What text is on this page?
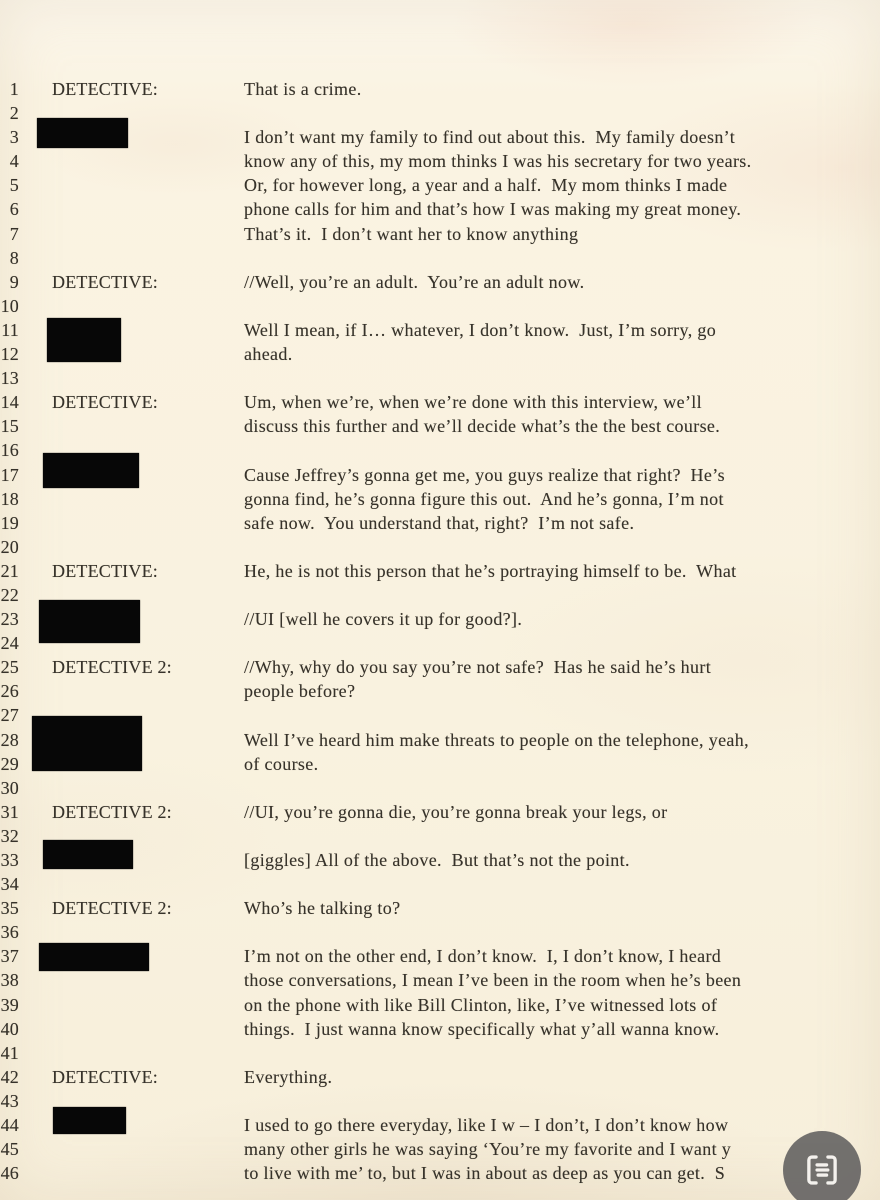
1 DETECTIVE:	That is a crime.
2
3	I don’t want my family to find out about this.  My family doesn’t
4	know any of this, my mom thinks I was his secretary for two years.
5	Or, for however long, a year and a half.  My mom thinks I made
6	phone calls for him and that’s how I was making my great money.
7	That’s it.  I don’t want her to know anything
8
9 DETECTIVE:	//Well, you’re an adult.  You’re an adult now.
10
11	Well I mean, if I… whatever, I don’t know.  Just, I’m sorry, go
12	ahead.
13
14 DETECTIVE:	Um, when we’re, when we’re done with this interview, we’ll
15	discuss this further and we’ll decide what’s the the best course.
16
17	Cause Jeffrey’s gonna get me, you guys realize that right?  He’s
18	gonna find, he’s gonna figure this out.  And he’s gonna, I’m not
19	safe now.  You understand that, right?  I’m not safe.
20
21 DETECTIVE:	He, he is not this person that he’s portraying himself to be.  What
22
23	//UI [well he covers it up for good?].
24
25 DETECTIVE 2:	//Why, why do you say you’re not safe?  Has he said he’s hurt
26	people before?
27
28	Well I’ve heard him make threats to people on the telephone, yeah,
29	of course.
30
31 DETECTIVE 2:	//UI, you’re gonna die, you’re gonna break your legs, or
32
33	[giggles] All of the above.  But that’s not the point.
34
35 DETECTIVE 2:	Who’s he talking to?
36
37	I’m not on the other end, I don’t know.  I, I don’t know, I heard
38	those conversations, I mean I’ve been in the room when he’s been
39	on the phone with like Bill Clinton, like, I’ve witnessed lots of
40	things.  I just wanna know specifically what y’all wanna know.
41
42 DETECTIVE:	Everything.
43
44	I used to go there everyday, like I w – I don’t, I don’t know how
45	many other girls he was saying ‘You’re my favorite and I want y
46	to live with me’ to, but I was in about as deep as you can get.  S
